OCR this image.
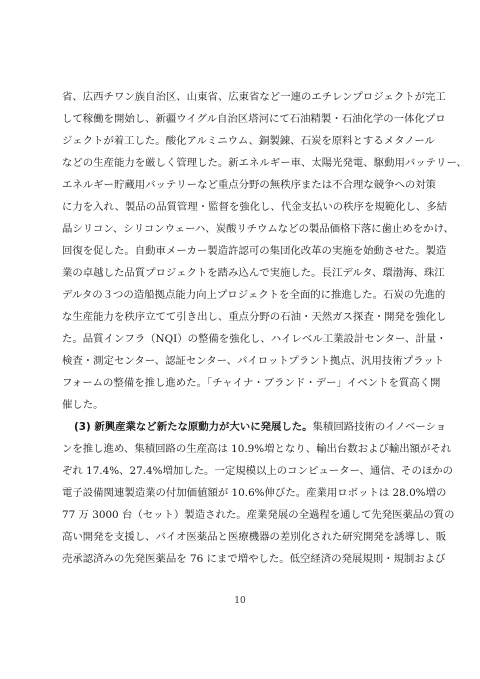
省、広西チワン族自治区、山東省、広東省など一連のエチレンプロジェクトが完工
して稼働を開始し、新疆ウイグル自治区塔河にて石油精製・石油化学の一体化プロ
ジェクトが着工した。酸化アルミニウム、銅製錬、石炭を原料とするメタノール
などの生産能力を厳しく管理した。新エネルギー車、太陽光発電、駆動用バッテリー、
エネルギー貯蔵用バッテリーなど重点分野の無秩序または不合理な競争への対策
に力を入れ、製品の品質管理・監督を強化し、代金支払いの秩序を規範化し、多結
晶シリコン、シリコンウェーハ、炭酸リチウムなどの製品価格下落に歯止めをかけ、
回復を促した。自動車メーカー製造許認可の集団化改革の実施を始動させた。製造
業の卓越した品質プロジェクトを踏み込んで実施した。長江デルタ、環渤海、珠江
デルタの３つの造船拠点能力向上プロジェクトを全面的に推進した。石炭の先進的
な生産能力を秩序立てて引き出し、重点分野の石油・天然ガス探査・開発を強化し
た。品質インフラ（NQI）の整備を強化し、ハイレベル工業設計センター、計量・
検査・測定センター、認証センター、パイロットプラント拠点、汎用技術プラット
フォームの整備を推し進めた。「チャイナ・ブランド・デー」イベントを質高く開
催した。
(3) 新興産業など新たな原動力が大いに発展した。集積回路技術のイノベーショ
ンを推し進め、集積回路の生産高は 10.9%増となり、輸出台数および輸出額がそれ
ぞれ 17.4%、27.4%増加した。一定規模以上のコンピューター、通信、そのほかの
電子設備関連製造業の付加価値額が 10.6%伸びた。産業用ロボットは 28.0%増の
77 万 3000 台（セット）製造された。産業発展の全過程を通して先発医薬品の質の
高い開発を支援し、バイオ医薬品と医療機器の差別化された研究開発を誘導し、販
売承認済みの先発医薬品を 76 にまで増やした。低空経済の発展規則・規制および
10
